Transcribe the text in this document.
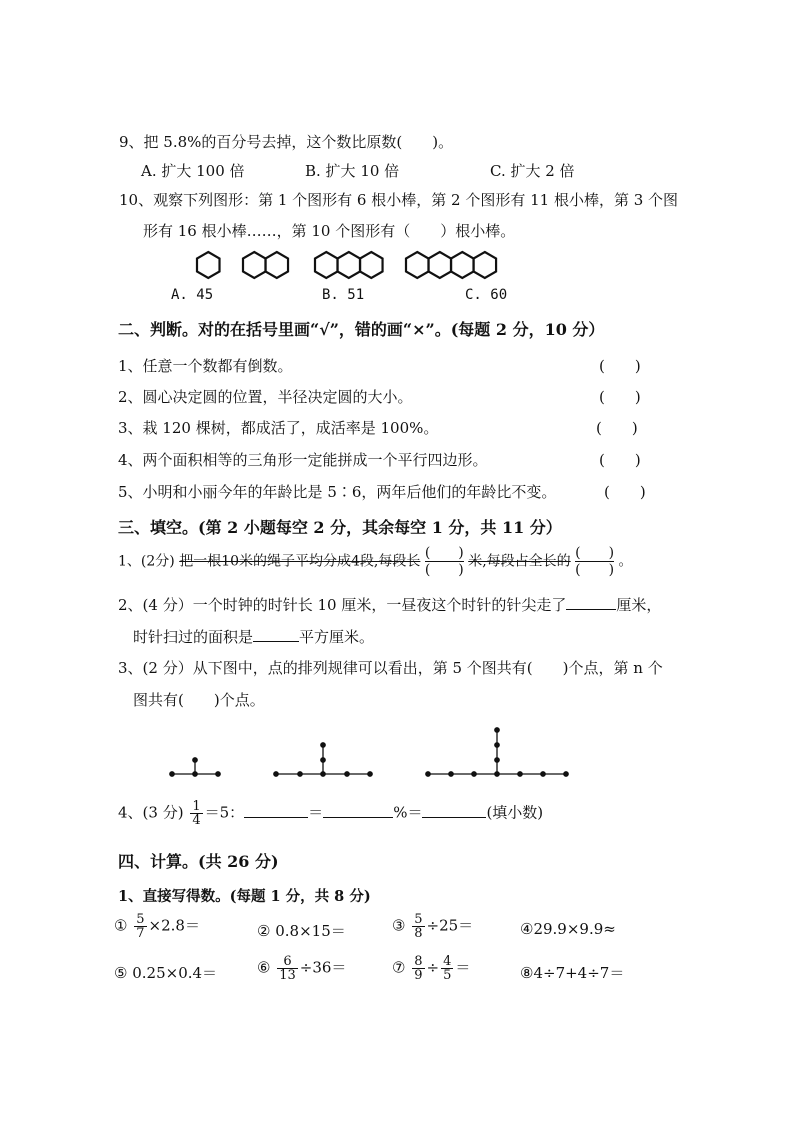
9、把 5.8%的百分号去掉，这个数比原数(　　)。
A. 扩大 100 倍	B. 扩大 10 倍	C. 扩大 2 倍
10、观察下列图形：第 1 个图形有 6 根小棒，第 2 个图形有 11 根小棒，第 3 个图
形有 16 根小棒……，第 10 个图形有（　　）根小棒。
A. 45	B. 51	C. 60
二、判断。对的在括号里画“√”，错的画“×”。(每题 2 分，10 分）
1、任意一个数都有倒数。	(　　)
2、圆心决定圆的位置，半径决定圆的大小。	(　　)
3、栽 120 棵树，都成活了，成活率是 100%。	(　　)
4、两个面积相等的三角形一定能拼成一个平行四边形。	(　　)
5、小明和小丽今年的年龄比是 5∶6，两年后他们的年龄比不变。	(　　)
三、填空。(第 2 小题每空 2 分，其余每空 1 分，共 11 分）
1、(2分) 把一根10米的绳子平均分成4段,每段长
(　　)
(　　)
米,每段占全长的
(　　)
(　　)
。
2、(4 分）一个时钟的时针长 10 厘米，一昼夜这个时针的针尖走了	厘米，
时针扫过的面积是	平方厘米。
3、(2 分）从下图中，点的排列规律可以看出，第 5 个图共有(　　)个点，第 n 个
图共有(　　)个点。
4、(3 分) $\frac{1}{4} =5$：	＝	%＝	(填小数)
四、计算。(共 26 分)
1、直接写得数。(每题 1 分，共 8 分)
① $\frac{5}{7} \times 2.8=$	② 0.8×15＝	③ $\frac{5}{8} \div 25=$	④29.9×9.9≈
⑤ 0.25×0.4＝	⑥ $\frac{6}{13} \div 36=$	⑦ $\frac{8}{9} \div \frac{4}{5}$ ＝	⑧4÷7+4÷7＝
